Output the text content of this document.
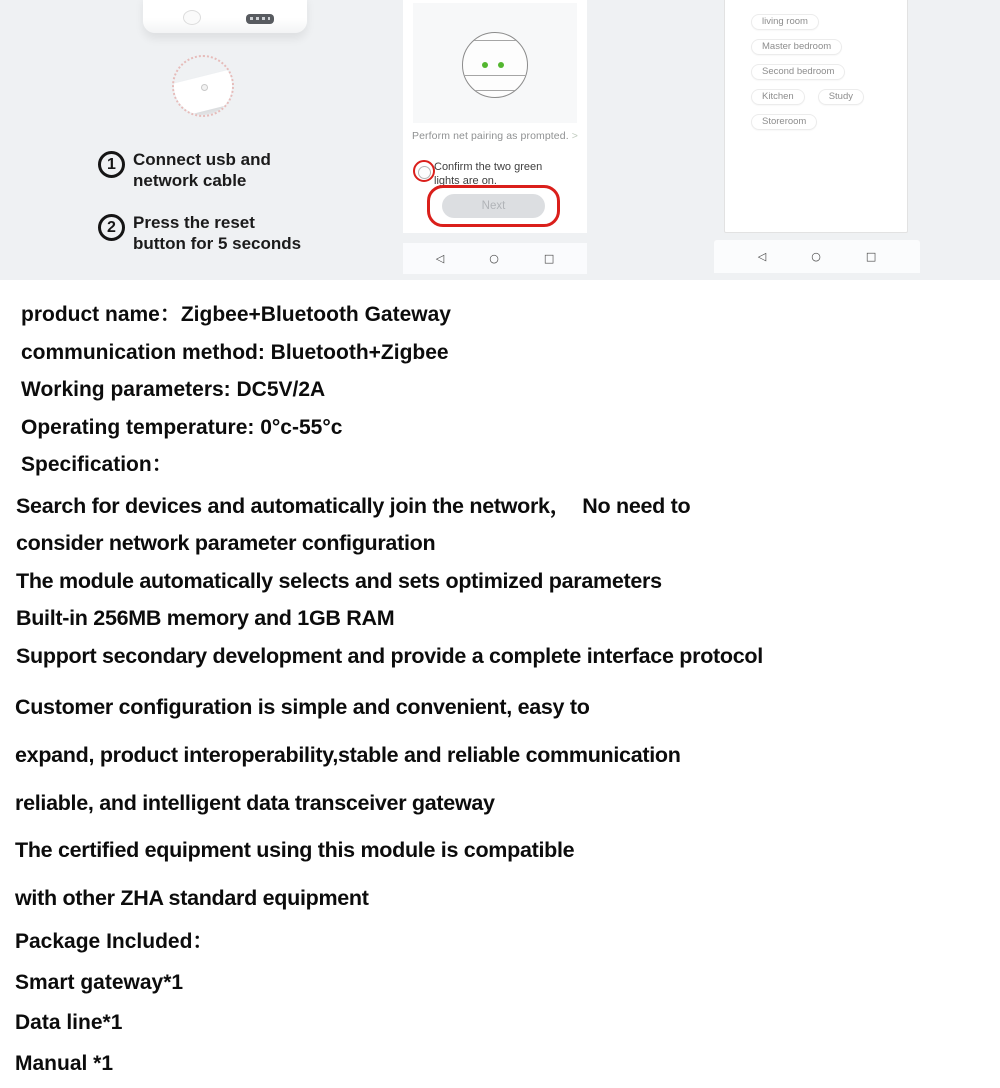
1	Connect usb and
network cable
2	Press the reset
button for 5 seconds
Perform net pairing as prompted. >
Confirm the two green lights are on.
Next
◁	○	□
living room
Master bedroom
Second bedroom
Kitchen	Study
Storeroom
◁	○	□
product name：Zigbee+Bluetooth Gateway
communication method: Bluetooth+Zigbee
Working parameters: DC5V/2A
Operating temperature: 0°c-55°c
Specification：
Search for devices and automatically join the network，  No need to
consider network parameter configuration
The module automatically selects and sets optimized parameters
Built-in 256MB memory and 1GB RAM
Support secondary development and provide a complete interface protocol
Customer configuration is simple and convenient, easy to
expand, product interoperability,stable and reliable communication
reliable, and intelligent data transceiver gateway
The certified equipment using this module is compatible
with other ZHA standard equipment
Package Included：
Smart gateway*1
Data line*1
Manual *1
